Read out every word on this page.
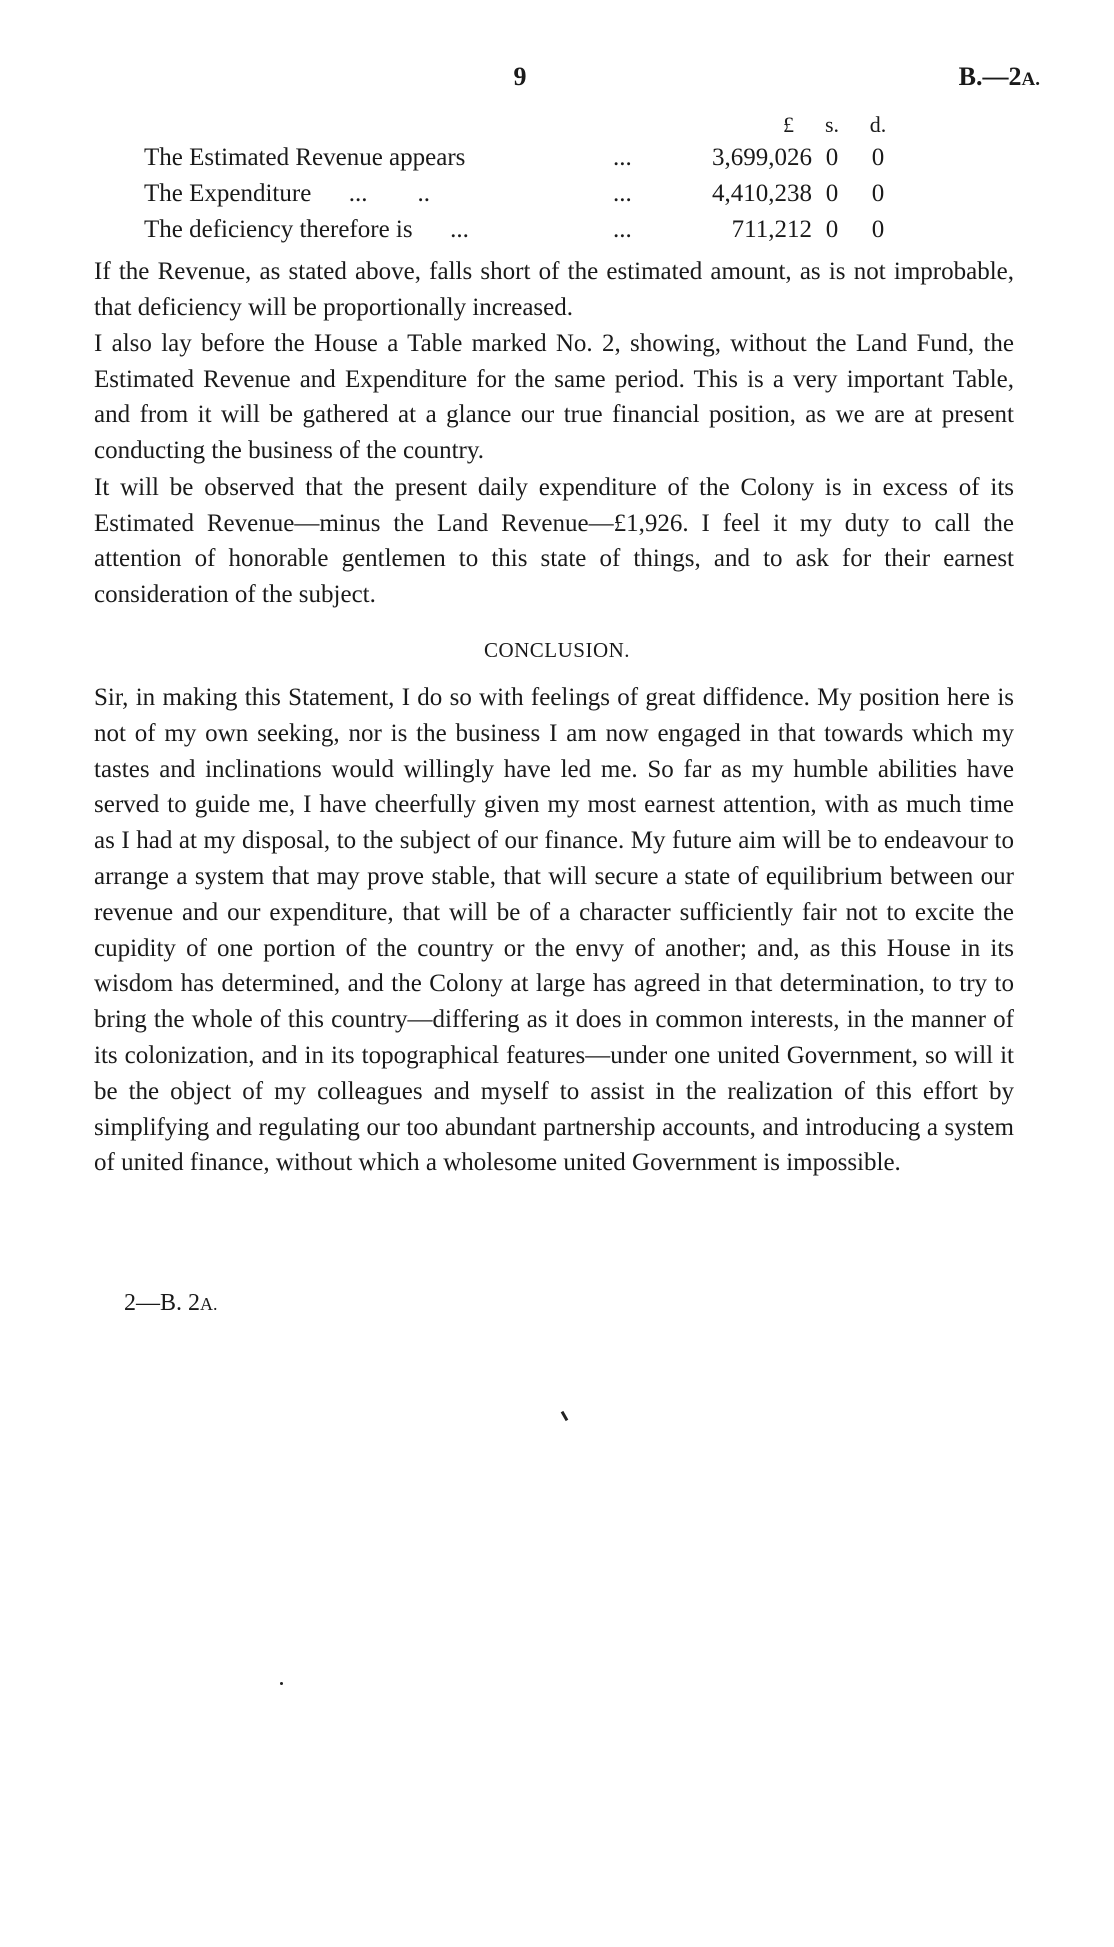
9	B.—2A.
£ s. d.
The Estimated Revenue appears	...	3,699,026 0 0
The Expenditure      ...        ..	...	4,410,238 0 0
The deficiency therefore is      ...	...	711,212 0 0

If the Revenue, as stated above, falls short of the estimated amount, as is not improbable, that deficiency will be proportionally increased.

I also lay before the House a Table marked No. 2, showing, without the Land Fund, the Estimated Revenue and Expenditure for the same period. This is a very important Table, and from it will be gathered at a glance our true financial position, as we are at present conducting the business of the country.

It will be observed that the present daily expenditure of the Colony is in excess of its Estimated Revenue—minus the Land Revenue—£1,926. I feel it my duty to call the attention of honorable gentlemen to this state of things, and to ask for their earnest consideration of the subject.

CONCLUSION.

Sir, in making this Statement, I do so with feelings of great diffidence. My position here is not of my own seeking, nor is the business I am now engaged in that towards which my tastes and inclinations would willingly have led me. So far as my humble abilities have served to guide me, I have cheerfully given my most earnest attention, with as much time as I had at my disposal, to the subject of our finance. My future aim will be to endeavour to arrange a system that may prove stable, that will secure a state of equilibrium between our revenue and our expenditure, that will be of a character sufficiently fair not to excite the cupidity of one portion of the country or the envy of another; and, as this House in its wisdom has determined, and the Colony at large has agreed in that determination, to try to bring the whole of this country—differing as it does in common interests, in the manner of its colonization, and in its topographical features—under one united Government, so will it be the object of my colleagues and myself to assist in the realization of this effort by simplifying and regulating our too abundant partnership accounts, and introducing a system of united finance, without which a wholesome united Government is impossible.

2—B. 2A.
